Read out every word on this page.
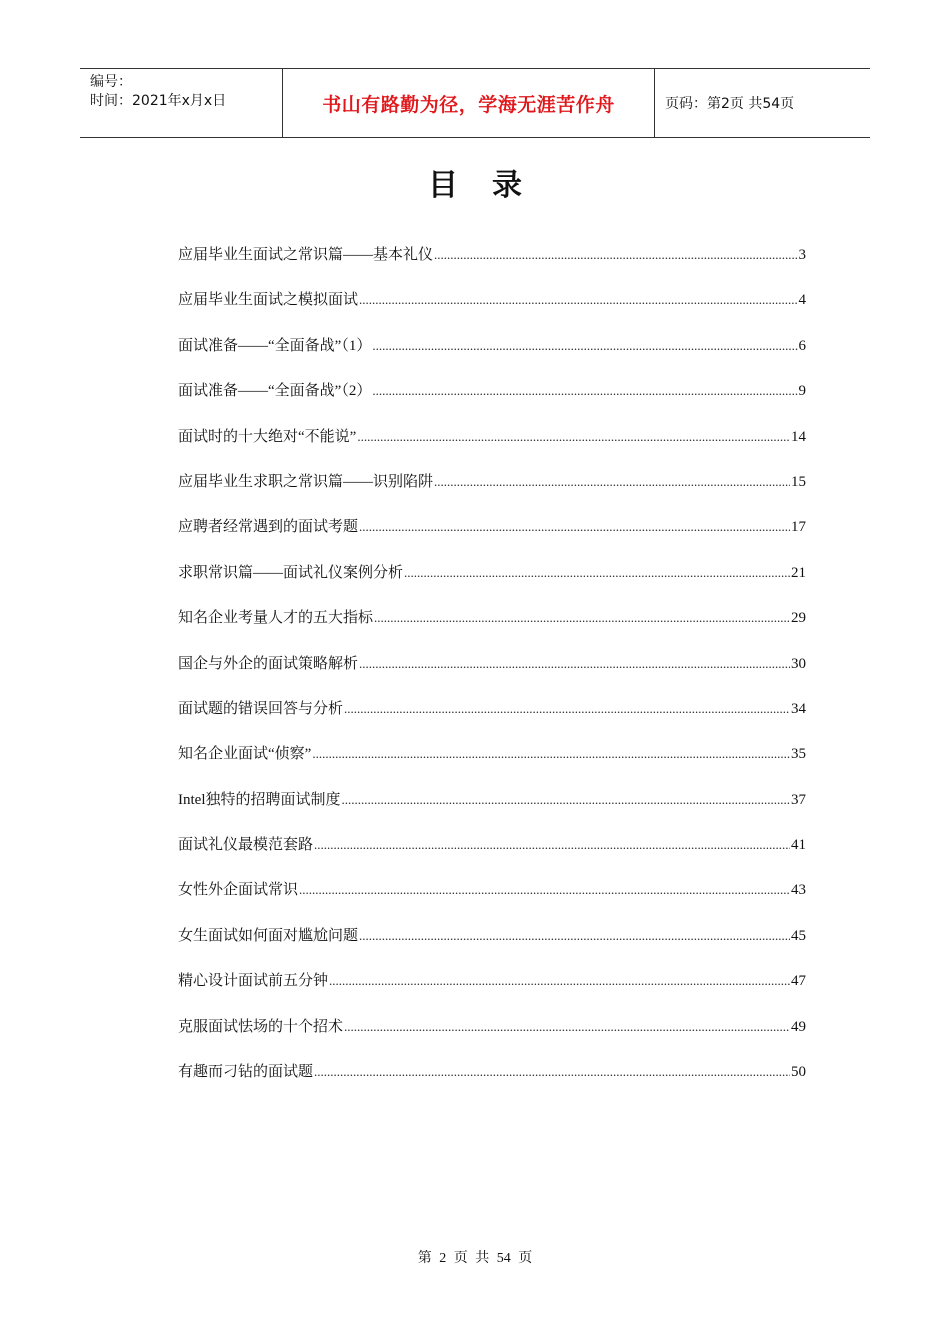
编号：
时间：2021年x月x日	书山有路勤为径，学海无涯苦作舟	页码：第2页 共54页
目录
应届毕业生面试之常识篇——基本礼仪 .....	3
应届毕业生面试之模拟面试 .....	4
面试准备——“全面备战”（1） .....	6
面试准备——“全面备战”（2） .....	9
面试时的十大绝对“不能说” .....	14
应届毕业生求职之常识篇——识别陷阱 .....	15
应聘者经常遇到的面试考题 .....	17
求职常识篇——面试礼仪案例分析 .....	21
知名企业考量人才的五大指标 .....	29
国企与外企的面试策略解析 .....	30
面试题的错误回答与分析 .....	34
知名企业面试“侦察” .....	35
Intel独特的招聘面试制度 .....	37
面试礼仪最模范套路 .....	41
女性外企面试常识 .....	43
女生面试如何面对尴尬问题 .....	45
精心设计面试前五分钟 .....	47
克服面试怯场的十个招术 .....	49
有趣而刁钻的面试题 .....	50
第 2 页 共 54 页
